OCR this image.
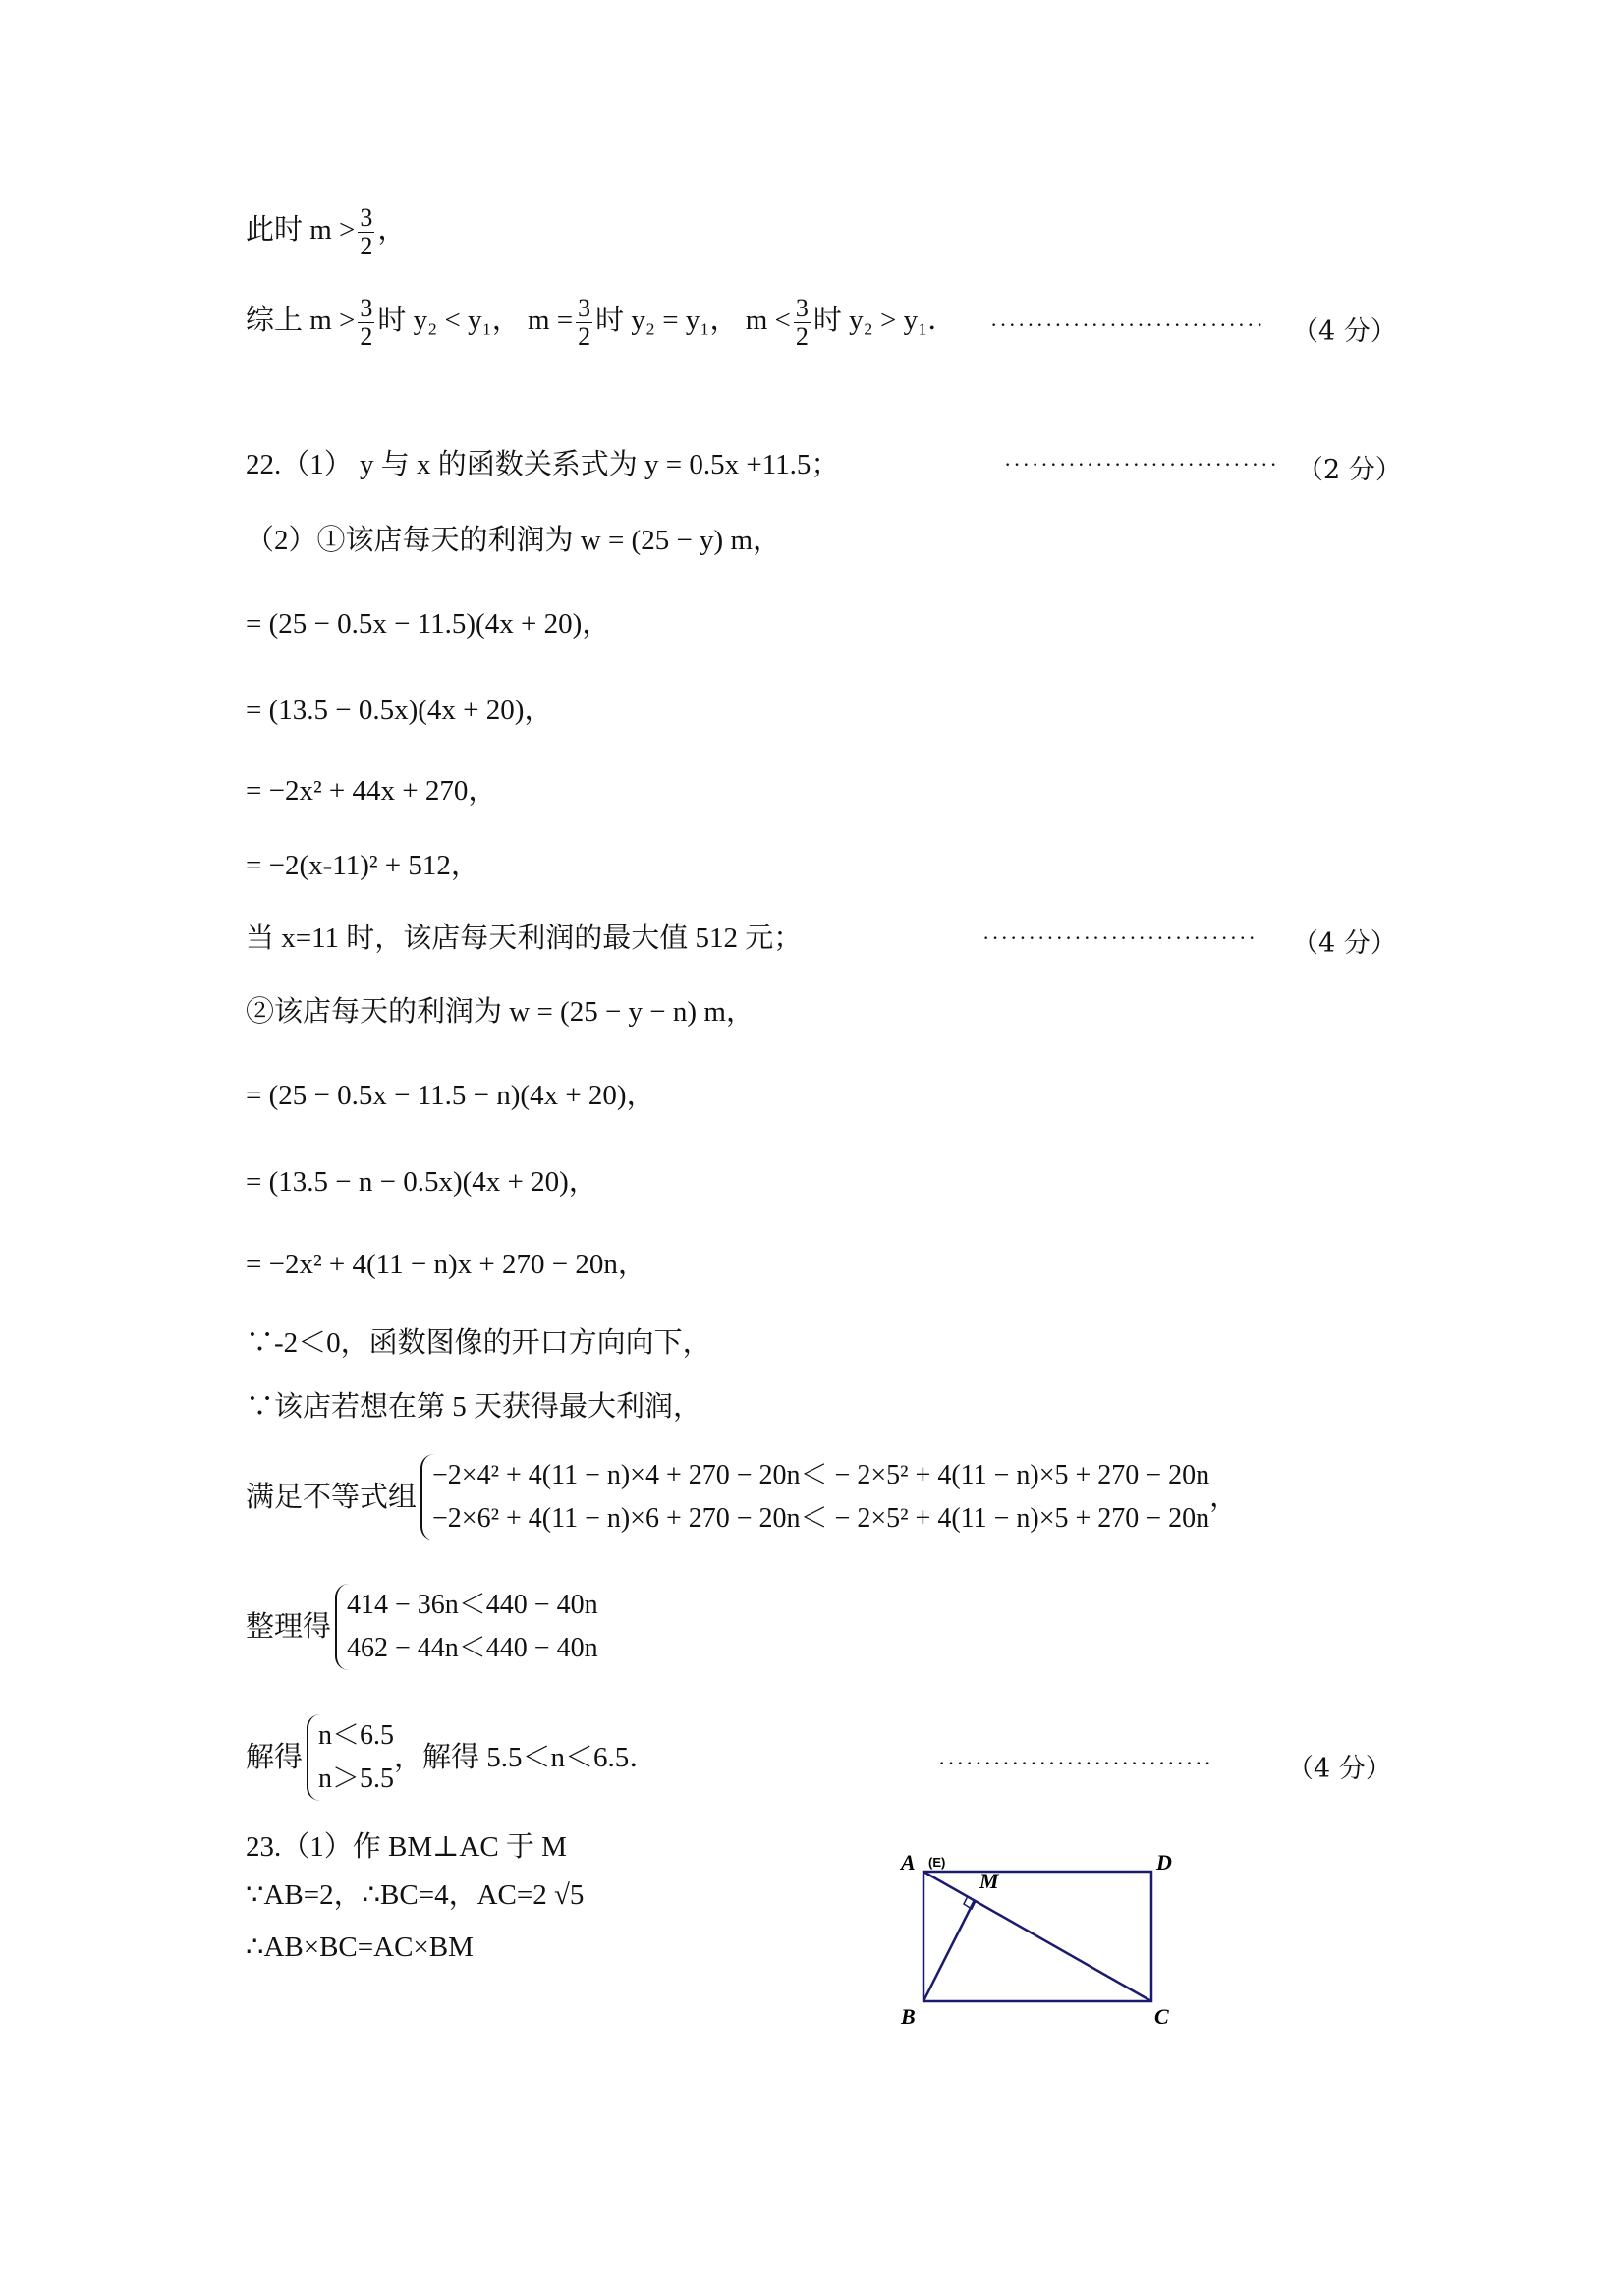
此时 $m > \frac{3}{2}$ ，
综上 $m > \frac{3}{2}$ 时 y₂ < y₁， $m = \frac{3}{2}$ 时 y₂ = y₁， $m < \frac{3}{2}$ 时 y₂ > y₁． ······························ （4 分）
22.（1） y 与 x 的函数关系式为 y = 0.5x +11.5；	······························ （2 分）
（2）①该店每天的利润为 w = (25 − y) m，
= (25 − 0.5x − 11.5)(4x + 20)，
= (13.5 − 0.5x)(4x + 20)，
= −2x² + 44x + 270，
= −2(x-11)² + 512，
当 x=11 时，该店每天利润的最大值 512 元；	······························ （4 分）
②该店每天的利润为 w = (25 − y − n) m，
= (25 − 0.5x − 11.5 − n)(4x + 20)，
= (13.5 − n − 0.5x)(4x + 20)，
= −2x² + 4(11 − n)x + 270 − 20n，
∵-2＜0，函数图像的开口方向向下，
∵该店若想在第 5 天获得最大利润，
满足不等式组
−2×4² + 4(11 − n)×4 + 270 − 20n＜ − 2×5² + 4(11 − n)×5 + 270 − 20n
−2×6² + 4(11 − n)×6 + 270 − 20n＜ − 2×5² + 4(11 − n)×5 + 270 − 20n
，
整理得
414 − 36n＜440 − 40n
462 − 44n＜440 − 40n
解得
n＜6.5
n＞5.5
，解得 5.5＜n＜6.5．	······························	（4 分）
23.（1）作 BM⊥AC 于 M
∵AB=2，∴BC=4，AC=2 √5
∴AB×BC=AC×BM
A (E)	D
M
B	C
